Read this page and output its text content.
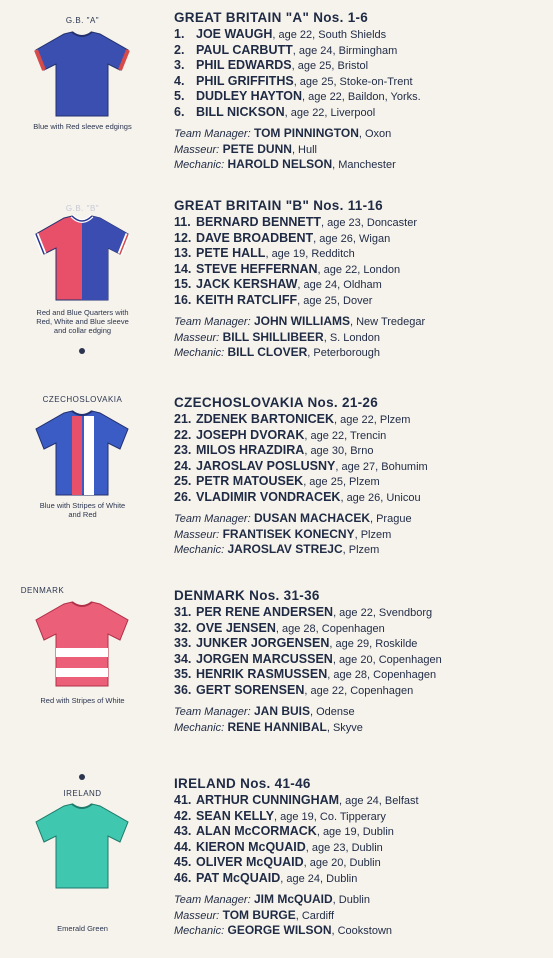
G.B. "A"
Blue with Red sleeve edgings
GREAT BRITAIN "A" Nos. 1-6
1. JOE WAUGH, age 22, South Shields
2. PAUL CARBUTT, age 24, Birmingham
3. PHIL EDWARDS, age 25, Bristol
4. PHIL GRIFFITHS, age 25, Stoke-on-Trent
5. DUDLEY HAYTON, age 22, Baildon, Yorks.
6. BILL NICKSON, age 22, Liverpool
Team Manager: TOM PINNINGTON, Oxon
Masseur: PETE DUNN, Hull
Mechanic: HAROLD NELSON, Manchester
G.B. "B"
Red and Blue Quarters with
Red, White and Blue sleeve
and collar edging
GREAT BRITAIN "B" Nos. 11-16
11. BERNARD BENNETT, age 23, Doncaster
12. DAVE BROADBENT, age 26, Wigan
13. PETE HALL, age 19, Redditch
14. STEVE HEFFERNAN, age 22, London
15. JACK KERSHAW, age 24, Oldham
16. KEITH RATCLIFF, age 25, Dover
Team Manager: JOHN WILLIAMS, New Tredegar
Masseur: BILL SHILLIBEER, S. London
Mechanic: BILL CLOVER, Peterborough
CZECHOSLOVAKIA
Blue with Stripes of White
and Red
CZECHOSLOVAKIA Nos. 21-26
21. ZDENEK BARTONICEK, age 22, Plzem
22. JOSEPH DVORAK, age 22, Trencin
23. MILOS HRAZDIRA, age 30, Brno
24. JAROSLAV POSLUSNY, age 27, Bohumim
25. PETR MATOUSEK, age 25, Plzem
26. VLADIMIR VONDRACEK, age 26, Unicou
Team Manager: DUSAN MACHACEK, Prague
Masseur: FRANTISEK KONECNY, Plzem
Mechanic: JAROSLAV STREJC, Plzem
DENMARK
Red with Stripes of White
DENMARK Nos. 31-36
31. PER RENE ANDERSEN, age 22, Svendborg
32. OVE JENSEN, age 28, Copenhagen
33. JUNKER JORGENSEN, age 29, Roskilde
34. JORGEN MARCUSSEN, age 20, Copenhagen
35. HENRIK RASMUSSEN, age 28, Copenhagen
36. GERT SORENSEN, age 22, Copenhagen
Team Manager: JAN BUIS, Odense
Mechanic: RENE HANNIBAL, Skyve
IRELAND
Emerald Green
IRELAND Nos. 41-46
41. ARTHUR CUNNINGHAM, age 24, Belfast
42. SEAN KELLY, age 19, Co. Tipperary
43. ALAN McCORMACK, age 19, Dublin
44. KIERON McQUAID, age 23, Dublin
45. OLIVER McQUAID, age 20, Dublin
46. PAT McQUAID, age 24, Dublin
Team Manager: JIM McQUAID, Dublin
Masseur: TOM BURGE, Cardiff
Mechanic: GEORGE WILSON, Cookstown
